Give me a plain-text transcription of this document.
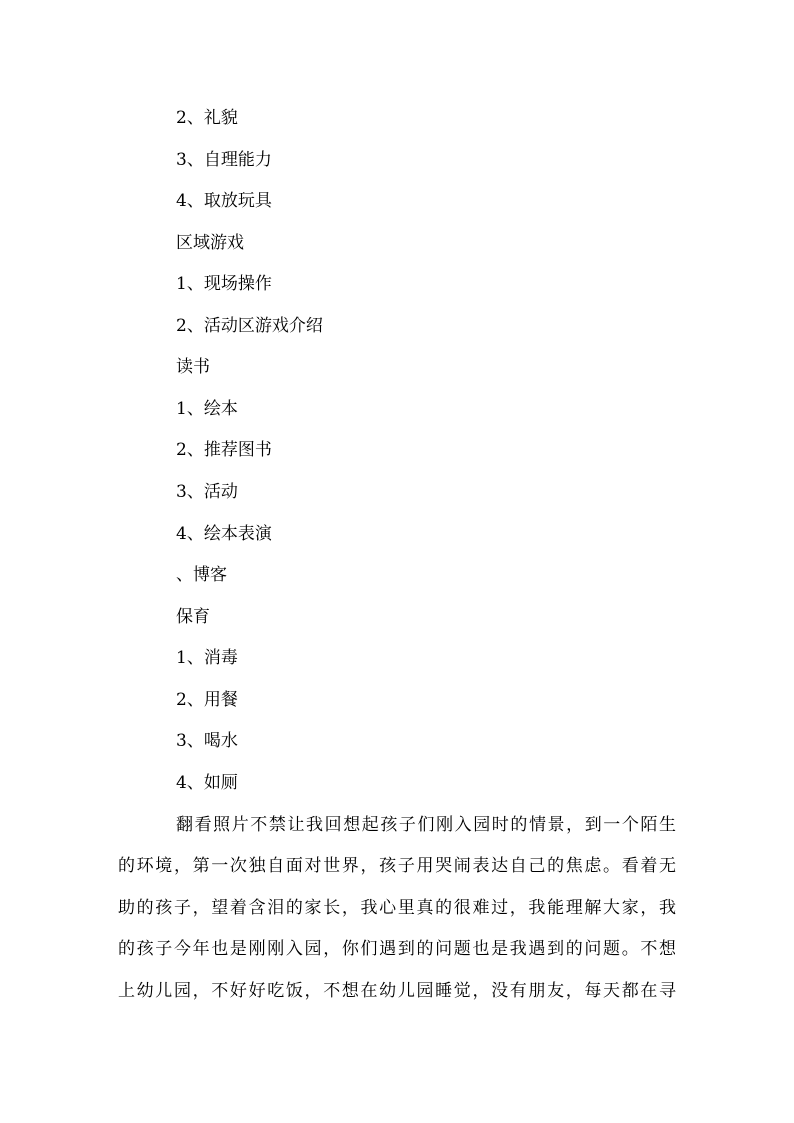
2、礼貌
3、自理能力
4、取放玩具
区域游戏
1、现场操作
2、活动区游戏介绍
读书
1、绘本
2、推荐图书
3、活动
4、绘本表演
、博客
保育
1、消毒
2、用餐
3、喝水
4、如厕
翻看照片不禁让我回想起孩子们刚入园时的情景，到一个陌生
的环境，第一次独自面对世界，孩子用哭闹表达自己的焦虑。看着无
助的孩子，望着含泪的家长，我心里真的很难过，我能理解大家，我
的孩子今年也是刚刚入园，你们遇到的问题也是我遇到的问题。不想
上幼儿园，不好好吃饭，不想在幼儿园睡觉，没有朋友，每天都在寻
